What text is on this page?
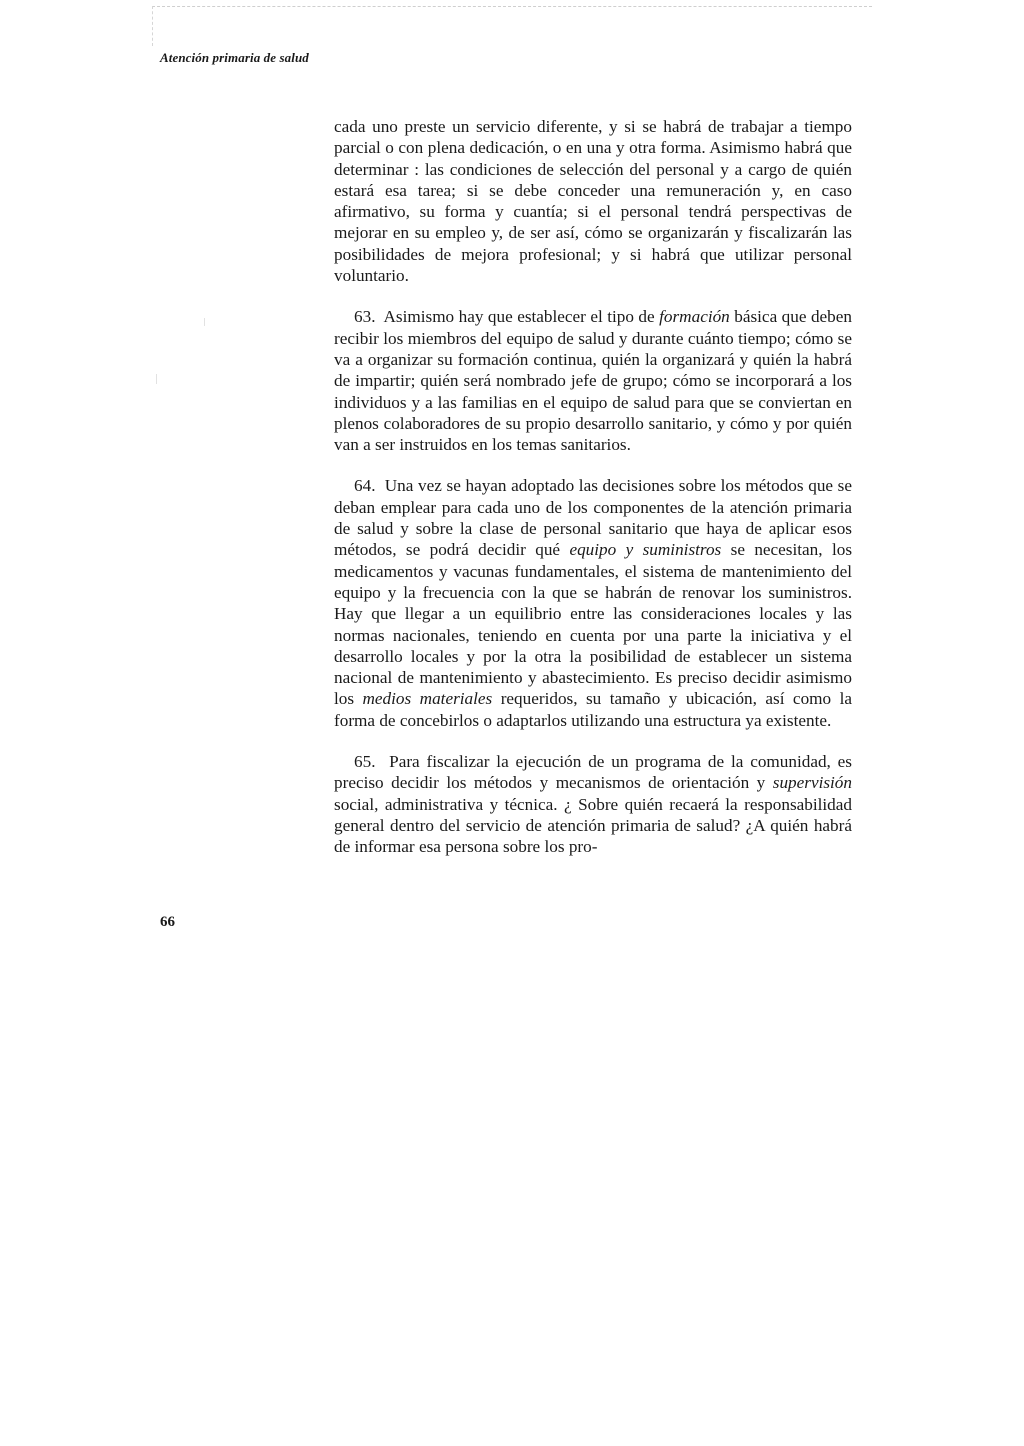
Atención primaria de salud

cada uno preste un servicio diferente, y si se habrá de trabajar a tiempo parcial o con plena dedicación, o en una y otra forma. Asimismo habrá que determinar : las condiciones de selección del personal y a cargo de quién estará esa tarea; si se debe conceder una remuneración y, en caso afirmativo, su forma y cuantía; si el personal tendrá perspectivas de mejorar en su empleo y, de ser así, cómo se organizarán y fiscalizarán las posibilidades de mejora profesional; y si habrá que utilizar personal voluntario.

63. Asimismo hay que establecer el tipo de formación básica que deben recibir los miembros del equipo de salud y durante cuánto tiempo; cómo se va a organizar su formación continua, quién la organizará y quién la habrá de impartir; quién será nombrado jefe de grupo; cómo se incorporará a los individuos y a las familias en el equipo de salud para que se conviertan en plenos colaboradores de su propio desarrollo sanitario, y cómo y por quién van a ser instruidos en los temas sanitarios.

64. Una vez se hayan adoptado las decisiones sobre los métodos que se deban emplear para cada uno de los componentes de la atención primaria de salud y sobre la clase de personal sanitario que haya de aplicar esos métodos, se podrá decidir qué equipo y suministros se necesitan, los medicamentos y vacunas fundamentales, el sistema de mantenimiento del equipo y la frecuencia con la que se habrán de renovar los suministros. Hay que llegar a un equilibrio entre las consideraciones locales y las normas nacionales, teniendo en cuenta por una parte la iniciativa y el desarrollo locales y por la otra la posibilidad de establecer un sistema nacional de mantenimiento y abastecimiento. Es preciso decidir asimismo los medios materiales requeridos, su tamaño y ubicación, así como la forma de concebirlos o adaptarlos utilizando una estructura ya existente.

65. Para fiscalizar la ejecución de un programa de la comunidad, es preciso decidir los métodos y mecanismos de orientación y supervisión social, administrativa y técnica. ¿ Sobre quién recaerá la responsabilidad general dentro del servicio de atención primaria de salud? ¿A quién habrá de informar esa persona sobre los pro-

66
